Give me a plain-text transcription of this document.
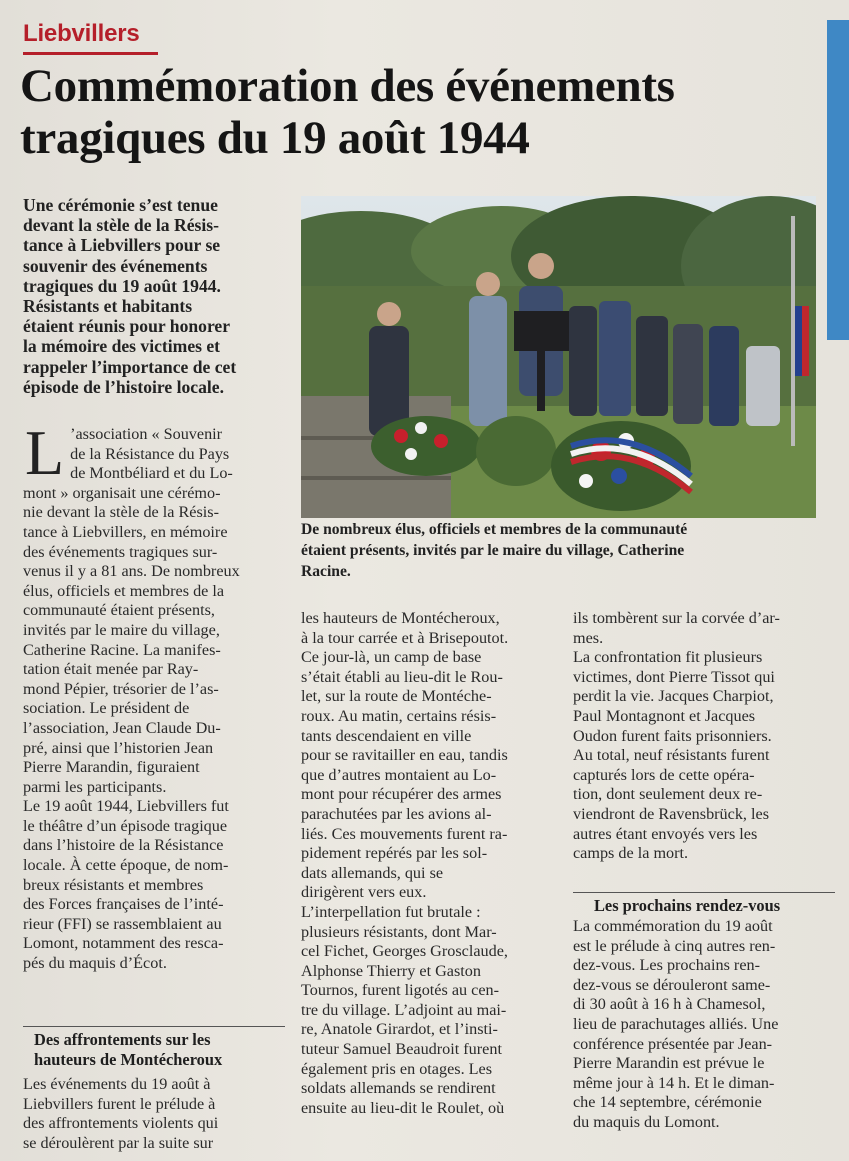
Liebvillers
Commémoration des événements
tragiques du 19 août 1944

Une cérémonie s’est tenue
devant la stèle de la Résis-
tance à Liebvillers pour se
souvenir des événements
tragiques du 19 août 1944.
Résistants et habitants
étaient réunis pour honorer
la mémoire des victimes et
rappeler l’importance de cet
épisode de l’histoire locale.

De nombreux élus, officiels et membres de la communauté
étaient présents, invités par le maire du village, Catherine
Racine.

L ’association « Souvenir
de la Résistance du Pays
de Montbéliard et du Lo-
mont » organisait une cérémo-
nie devant la stèle de la Résis-
tance à Liebvillers, en mémoire
des événements tragiques sur-
venus il y a 81 ans. De nombreux
élus, officiels et membres de la
communauté étaient présents,
invités par le maire du village,
Catherine Racine. La manifes-
tation était menée par Ray-
mond Pépier, trésorier de l’as-
sociation. Le président de
l’association, Jean Claude Du-
pré, ainsi que l’historien Jean
Pierre Marandin, figuraient
parmi les participants.

Le 19 août 1944, Liebvillers fut
le théâtre d’un épisode tragique
dans l’histoire de la Résistance
locale. À cette époque, de nom-
breux résistants et membres
des Forces françaises de l’inté-
rieur (FFI) se rassemblaient au
Lomont, notamment des resca-
pés du maquis d’Écot.

Des affrontements sur les
hauteurs de Montécheroux

Les événements du 19 août à
Liebvillers furent le prélude à
des affrontements violents qui
se déroulèrent par la suite sur

les hauteurs de Montécheroux,
à la tour carrée et à Brisepoutot.

Ce jour-là, un camp de base
s’était établi au lieu-dit le Rou-
let, sur la route de Montéche-
roux. Au matin, certains résis-
tants descendaient en ville
pour se ravitailler en eau, tandis
que d’autres montaient au Lo-
mont pour récupérer des armes
parachutées par les avions al-
liés. Ces mouvements furent ra-
pidement repérés par les sol-
dats allemands, qui se
dirigèrent vers eux.

L’interpellation fut brutale :
plusieurs résistants, dont Mar-
cel Fichet, Georges Grosclaude,
Alphonse Thierry et Gaston
Tournos, furent ligotés au cen-
tre du village. L’adjoint au mai-
re, Anatole Girardot, et l’insti-
tuteur Samuel Beaudroit furent
également pris en otages. Les
soldats allemands se rendirent
ensuite au lieu-dit le Roulet, où

ils tombèrent sur la corvée d’ar-
mes.

La confrontation fit plusieurs
victimes, dont Pierre Tissot qui
perdit la vie. Jacques Charpiot,
Paul Montagnont et Jacques
Oudon furent faits prisonniers.
Au total, neuf résistants furent
capturés lors de cette opéra-
tion, dont seulement deux re-
viendront de Ravensbrück, les
autres étant envoyés vers les
camps de la mort.

Les prochains rendez-vous

La commémoration du 19 août
est le prélude à cinq autres ren-
dez-vous. Les prochains ren-
dez-vous se dérouleront same-
di 30 août à 16 h à Chamesol,
lieu de parachutages alliés. Une
conférence présentée par Jean-
Pierre Marandin est prévue le
même jour à 14 h. Et le diman-
che 14 septembre, cérémonie
du maquis du Lomont.
